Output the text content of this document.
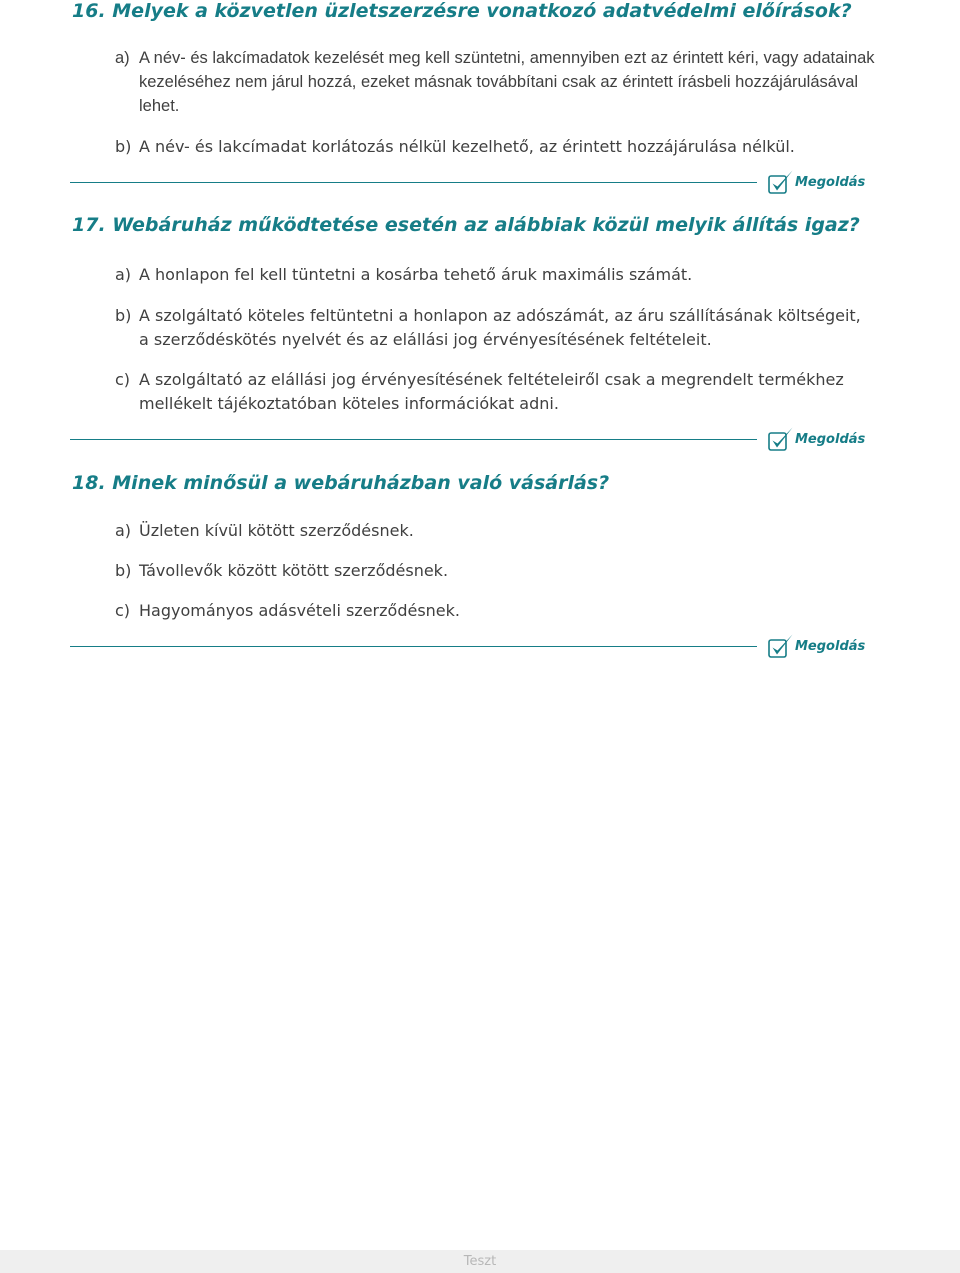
16. Melyek a közvetlen üzletszerzésre vonatkozó adatvédelmi előírások?
a) A név- és lakcímadatok kezelését meg kell szüntetni, amennyiben ezt az érintett kéri, vagy adatainak kezeléséhez nem járul hozzá, ezeket másnak továbbítani csak az érintett írásbeli hozzájárulásával lehet.
b) A név- és lakcímadat korlátozás nélkül kezelhető, az érintett hozzájárulása nélkül.
Megoldás
17. Webáruház működtetése esetén az alábbiak közül melyik állítás igaz?
a) A honlapon fel kell tüntetni a kosárba tehető áruk maximális számát.
b) A szolgáltató köteles feltüntetni a honlapon az adószámát, az áru szállításának költségeit, a szerződéskötés nyelvét és az elállási jog érvényesítésének feltételeit.
c) A szolgáltató az elállási jog érvényesítésének feltételeiről csak a megrendelt termékhez mellékelt tájékoztatóban köteles információkat adni.
Megoldás
18. Minek minősül a webáruházban való vásárlás?
a) Üzleten kívül kötött szerződésnek.
b) Távollevők között kötött szerződésnek.
c) Hagyományos adásvételi szerződésnek.
Megoldás
Teszt
